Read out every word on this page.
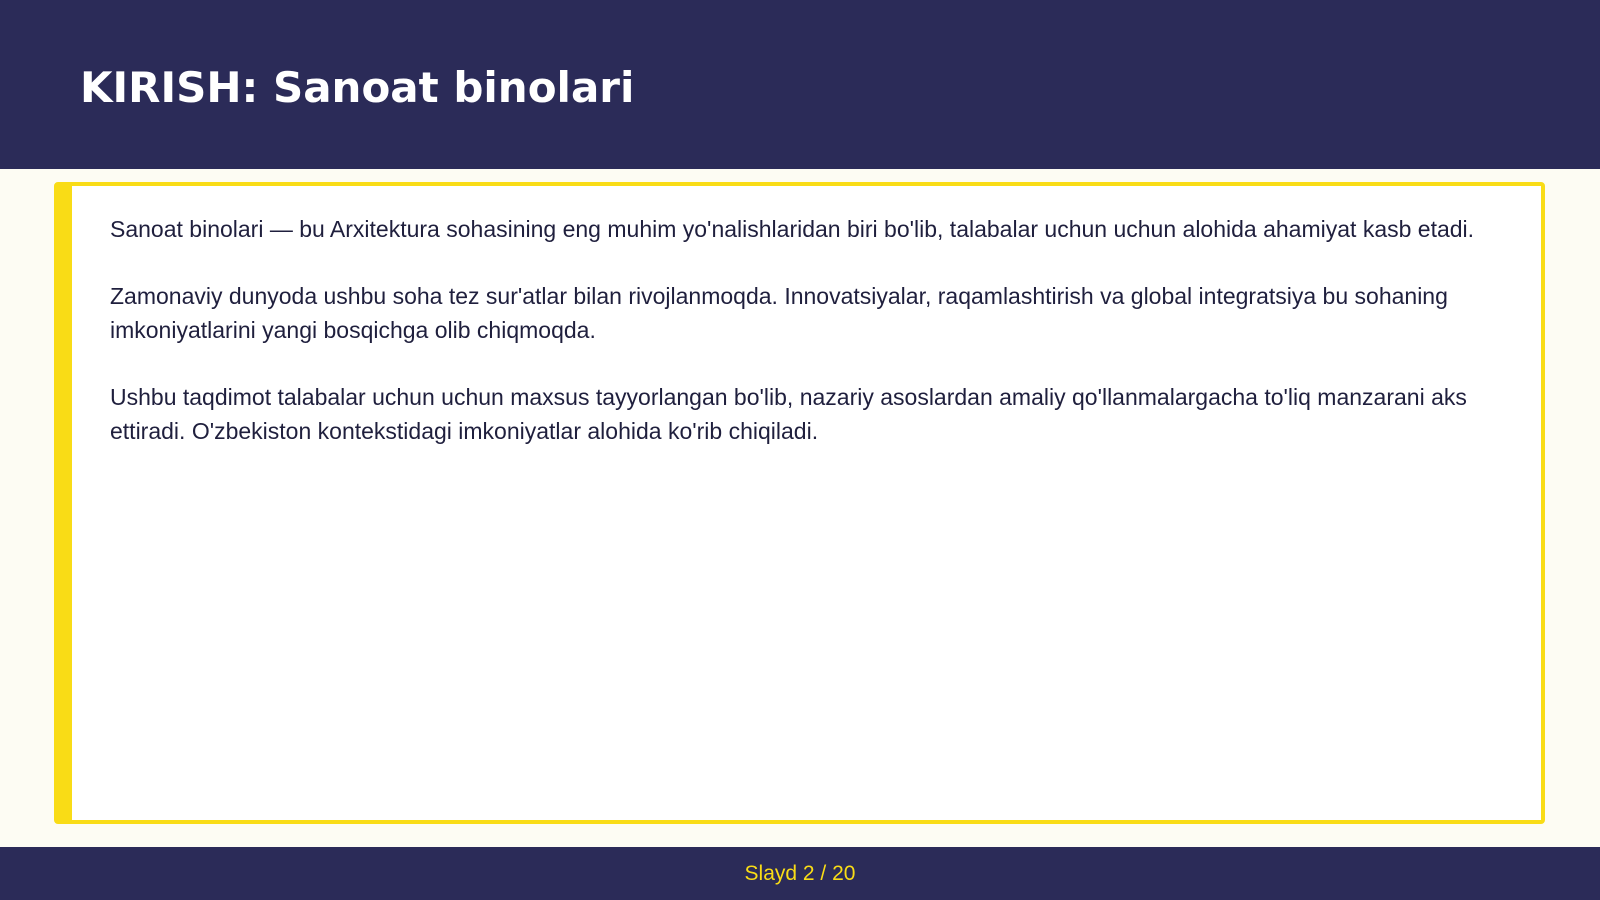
KIRISH: Sanoat binolari

Sanoat binolari — bu Arxitektura sohasining eng muhim yo'nalishlaridan biri bo'lib, talabalar uchun uchun alohida ahamiyat kasb etadi.

Zamonaviy dunyoda ushbu soha tez sur'atlar bilan rivojlanmoqda. Innovatsiyalar, raqamlashtirish va global integratsiya bu sohaning imkoniyatlarini yangi bosqichga olib chiqmoqda.

Ushbu taqdimot talabalar uchun uchun maxsus tayyorlangan bo'lib, nazariy asoslardan amaliy qo'llanmalargacha to'liq manzarani aks ettiradi. O'zbekiston kontekstidagi imkoniyatlar alohida ko'rib chiqiladi.

Slayd 2 / 20
